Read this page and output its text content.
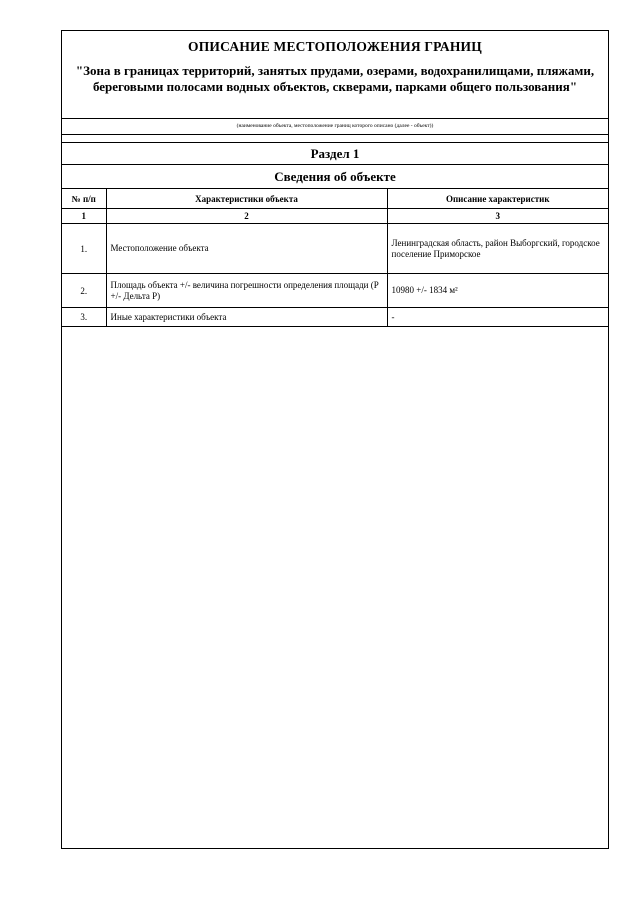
ОПИСАНИЕ МЕСТОПОЛОЖЕНИЯ ГРАНИЦ
"Зона в границах территорий, занятых прудами, озерами, водохранилищами, пляжами, береговыми полосами водных объектов, скверами, парками общего пользования"
(наименование объекта, местоположение границ которого описано (далее - объект))
Раздел 1
Сведения об объекте
№ п/п	Характеристики объекта	Описание характеристик
1	2	3
1.	Местоположение объекта	Ленинградская область, район Выборгский, городское поселение Приморское
2.	Площадь объекта +/- величина погрешности определения площади (Р +/- Дельта Р)	10980 +/- 1834 м²
3.	Иные характеристики объекта	-
